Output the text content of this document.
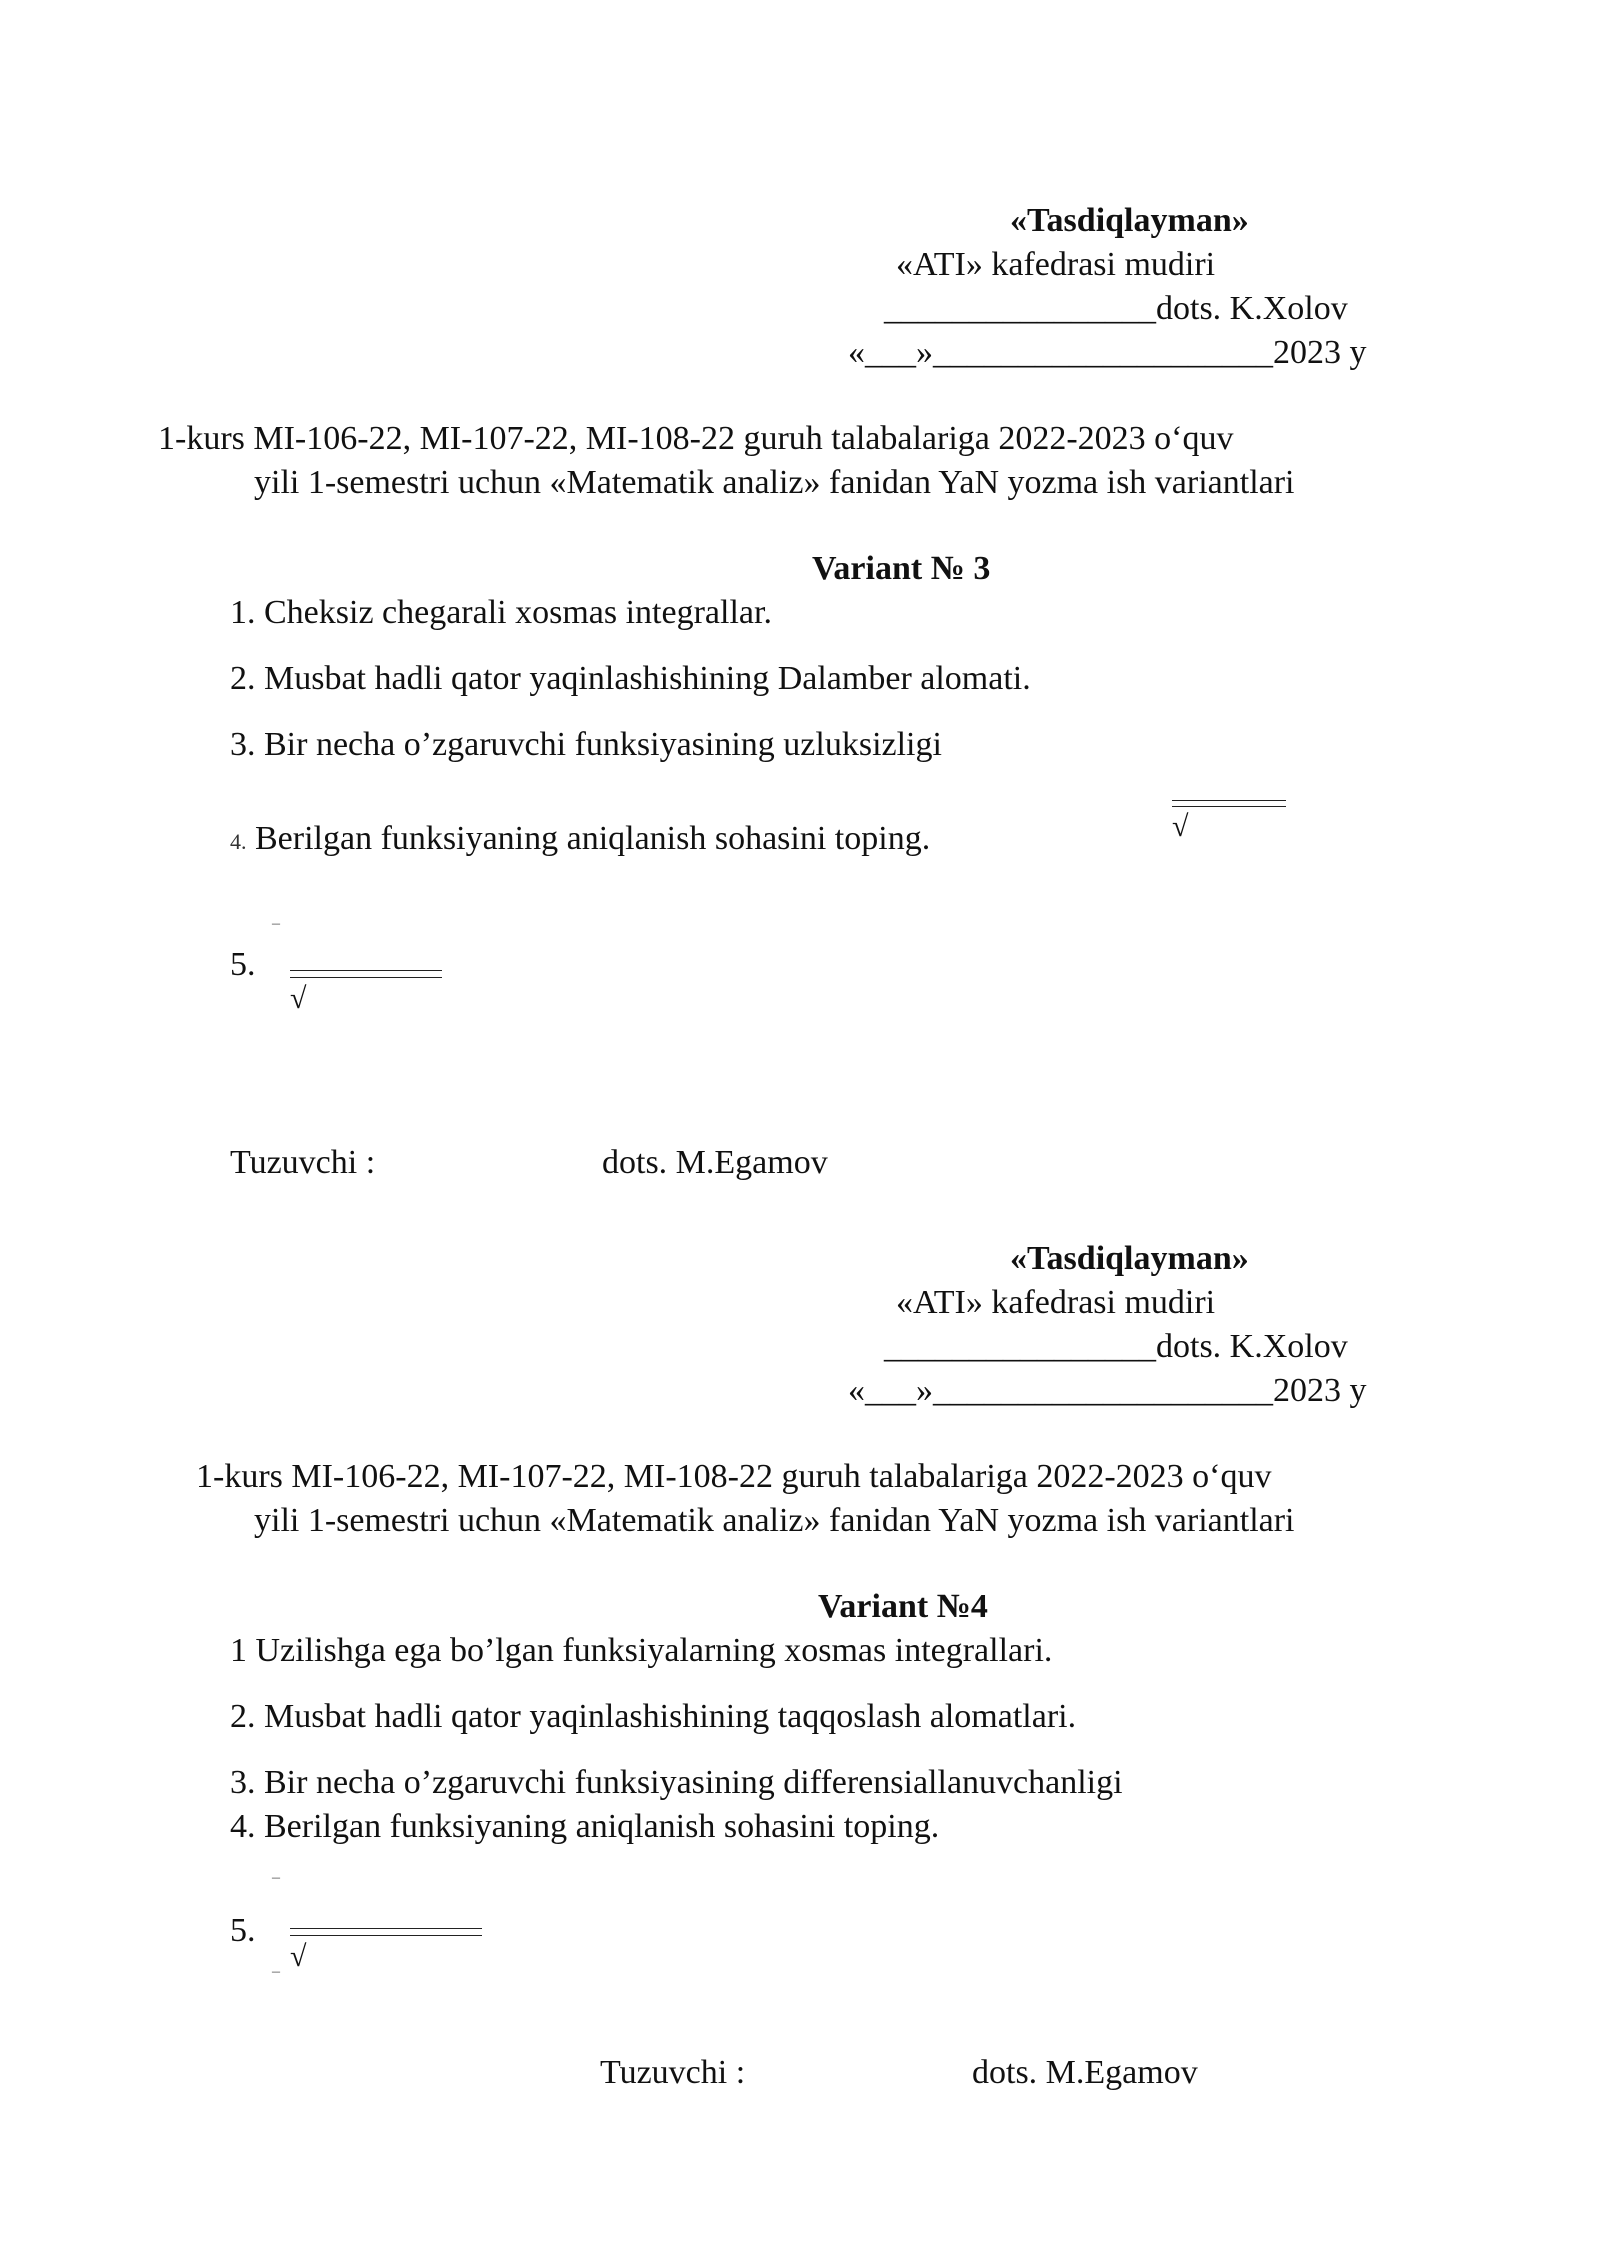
«Tasdiqlayman»
«ATI» kafedrasi mudiri
________________dots. K.Xolov
«___»____________________2023 y
1-kurs MI-106-22, MI-107-22, MI-108-22 guruh talabalariga 2022-2023 o‘quv
yili 1-semestri uchun «Matematik analiz» fanidan YaN yozma ish variantlari
Variant № 3
1. Cheksiz chegarali xosmas integrallar.
2. Musbat hadli qator yaqinlashishining Dalamber alomati.
3. Bir necha o’zgaruvchi funksiyasining uzluksizligi
4. Berilgan funksiyaning aniqlanish sohasini toping.	√
–
5.
√
Tuzuvchi :	dots. M.Egamov
«Tasdiqlayman»
«ATI» kafedrasi mudiri
________________dots. K.Xolov
«___»____________________2023 y
1-kurs MI-106-22, MI-107-22, MI-108-22 guruh talabalariga 2022-2023 o‘quv
yili 1-semestri uchun «Matematik analiz» fanidan YaN yozma ish variantlari
Variant №4
1 Uzilishga ega bo’lgan funksiyalarning xosmas integrallari.
2. Musbat hadli qator yaqinlashishining taqqoslash alomatlari.
3. Bir necha o’zgaruvchi funksiyasining differensiallanuvchanligi
4. Berilgan funksiyaning aniqlanish sohasini toping.
–
5.
√
–
Tuzuvchi :	dots. M.Egamov
